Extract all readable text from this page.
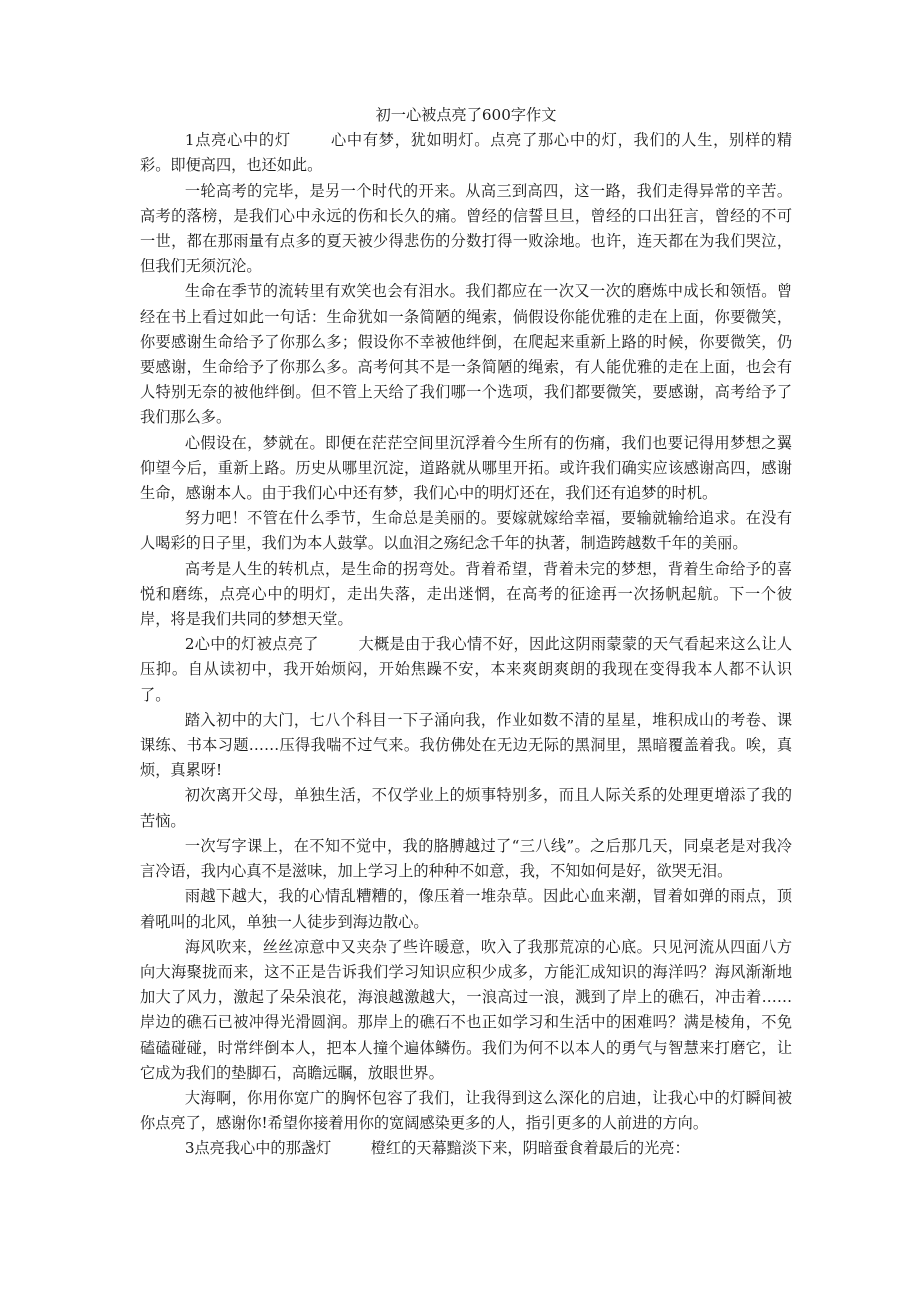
初一心被点亮了600字作文

1点亮心中的灯	心中有梦，犹如明灯。点亮了那心中的灯，我们的人生，别样的精彩。即便高四，也还如此。

一轮高考的完毕，是另一个时代的开来。从高三到高四，这一路，我们走得异常的辛苦。高考的落榜，是我们心中永远的伤和长久的痛。曾经的信誓旦旦，曾经的口出狂言，曾经的不可一世，都在那雨量有点多的夏天被少得悲伤的分数打得一败涂地。也许，连天都在为我们哭泣，但我们无须沉沦。

生命在季节的流转里有欢笑也会有泪水。我们都应在一次又一次的磨炼中成长和领悟。曾经在书上看过如此一句话：生命犹如一条简陋的绳索，倘假设你能优雅的走在上面，你要微笑，你要感谢生命给予了你那么多；假设你不幸被他绊倒，在爬起来重新上路的时候，你要微笑，仍要感谢，生命给予了你那么多。高考何其不是一条简陋的绳索，有人能优雅的走在上面，也会有人特别无奈的被他绊倒。但不管上天给了我们哪一个选项，我们都要微笑，要感谢，高考给予了我们那么多。

心假设在，梦就在。即便在茫茫空间里沉浮着今生所有的伤痛，我们也要记得用梦想之翼仰望今后，重新上路。历史从哪里沉淀，道路就从哪里开拓。或许我们确实应该感谢高四，感谢生命，感谢本人。由于我们心中还有梦，我们心中的明灯还在，我们还有追梦的时机。

努力吧！不管在什么季节，生命总是美丽的。要嫁就嫁给幸福，要输就输给追求。在没有人喝彩的日子里，我们为本人鼓掌。以血泪之殇纪念千年的执著，制造跨越数千年的美丽。

高考是人生的转机点，是生命的拐弯处。背着希望，背着未完的梦想，背着生命给予的喜悦和磨练，点亮心中的明灯，走出失落，走出迷惘，在高考的征途再一次扬帆起航。下一个彼岸，将是我们共同的梦想天堂。

2心中的灯被点亮了	大概是由于我心情不好，因此这阴雨蒙蒙的天气看起来这么让人压抑。自从读初中，我开始烦闷，开始焦躁不安，本来爽朗爽朗的我现在变得我本人都不认识了。

踏入初中的大门，七八个科目一下子涌向我，作业如数不清的星星，堆积成山的考卷、课课练、书本习题……压得我喘不过气来。我仿佛处在无边无际的黑洞里，黑暗覆盖着我。唉，真烦，真累呀!

初次离开父母，单独生活，不仅学业上的烦事特别多，而且人际关系的处理更增添了我的苦恼。

一次写字课上，在不知不觉中，我的胳膊越过了“三八线”。之后那几天，同桌老是对我冷言冷语，我内心真不是滋味，加上学习上的种种不如意，我，不知如何是好，欲哭无泪。

雨越下越大，我的心情乱糟糟的，像压着一堆杂草。因此心血来潮，冒着如弹的雨点，顶着吼叫的北风，单独一人徒步到海边散心。

海风吹来，丝丝凉意中又夹杂了些许暖意，吹入了我那荒凉的心底。只见河流从四面八方向大海聚拢而来，这不正是告诉我们学习知识应积少成多，方能汇成知识的海洋吗？海风渐渐地加大了风力，激起了朵朵浪花，海浪越激越大，一浪高过一浪，溅到了岸上的礁石，冲击着……岸边的礁石已被冲得光滑圆润。那岸上的礁石不也正如学习和生活中的困难吗？满是棱角，不免磕磕碰碰，时常绊倒本人，把本人撞个遍体鳞伤。我们为何不以本人的勇气与智慧来打磨它，让它成为我们的垫脚石，高瞻远瞩，放眼世界。

大海啊，你用你宽广的胸怀包容了我们，让我得到这么深化的启迪，让我心中的灯瞬间被你点亮了，感谢你!希望你接着用你的宽阔感染更多的人，指引更多的人前进的方向。

3点亮我心中的那盏灯	橙红的天幕黯淡下来，阴暗蚕食着最后的光亮：
